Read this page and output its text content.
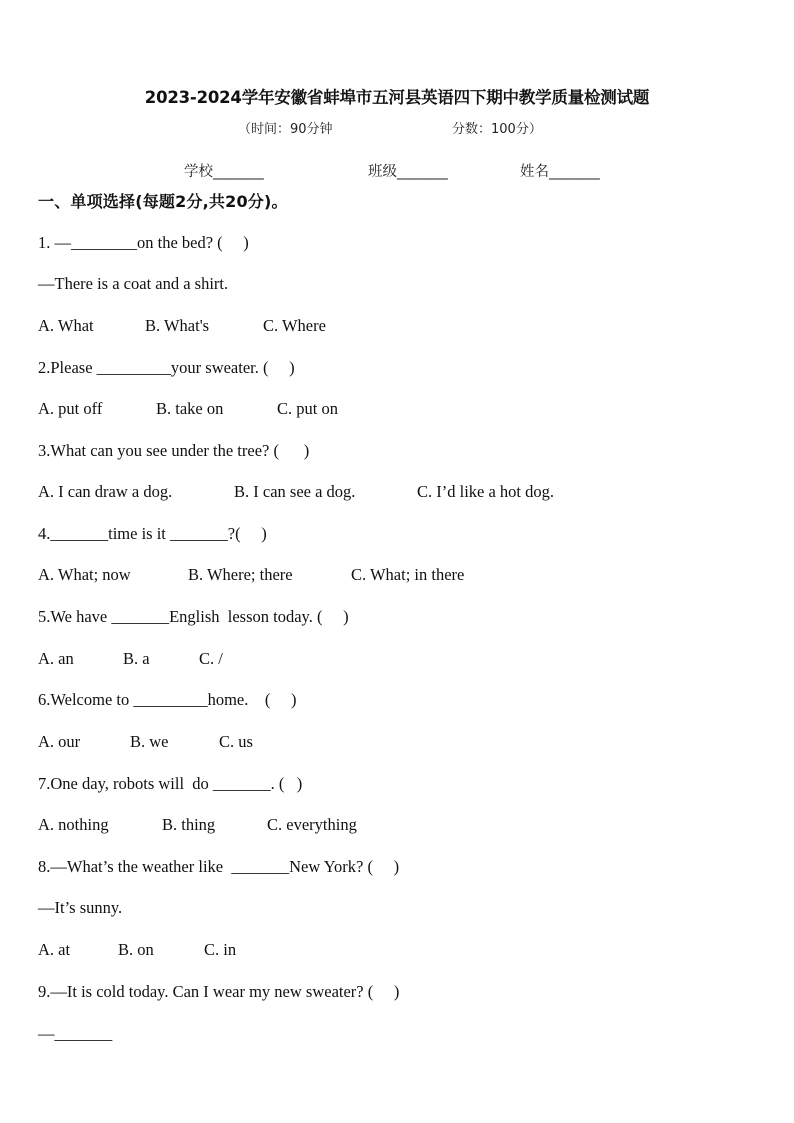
2023-2024学年安徽省蚌埠市五河县英语四下期中教学质量检测试题
（时间：90分钟	分数：100分）
学校_______	班级_______	姓名_______
一、单项选择(每题2分,共20分)。
1. —________on the bed? (     )
—There is a coat and a shirt.
A. What	B. What's	C. Where
2.Please _________your sweater. (     )
A. put off	B. take on	C. put on
3.What can you see under the tree? (      )
A. I can draw a dog.	B. I can see a dog.	C. I’d like a hot dog.
4._______time is it _______?(     )
A. What; now	B. Where; there	C. What; in there
5.We have _______English  lesson today. (     )
A. an	B. a	C. /
6.Welcome to _________home.    (     )
A. our	B. we	C. us
7.One day, robots will  do _______. (   )
A. nothing	B. thing	C. everything
8.—What’s the weather like  _______New York? (     )
—It’s sunny.
A. at	B. on	C. in
9.—It is cold today. Can I wear my new sweater? (     )
—_______
